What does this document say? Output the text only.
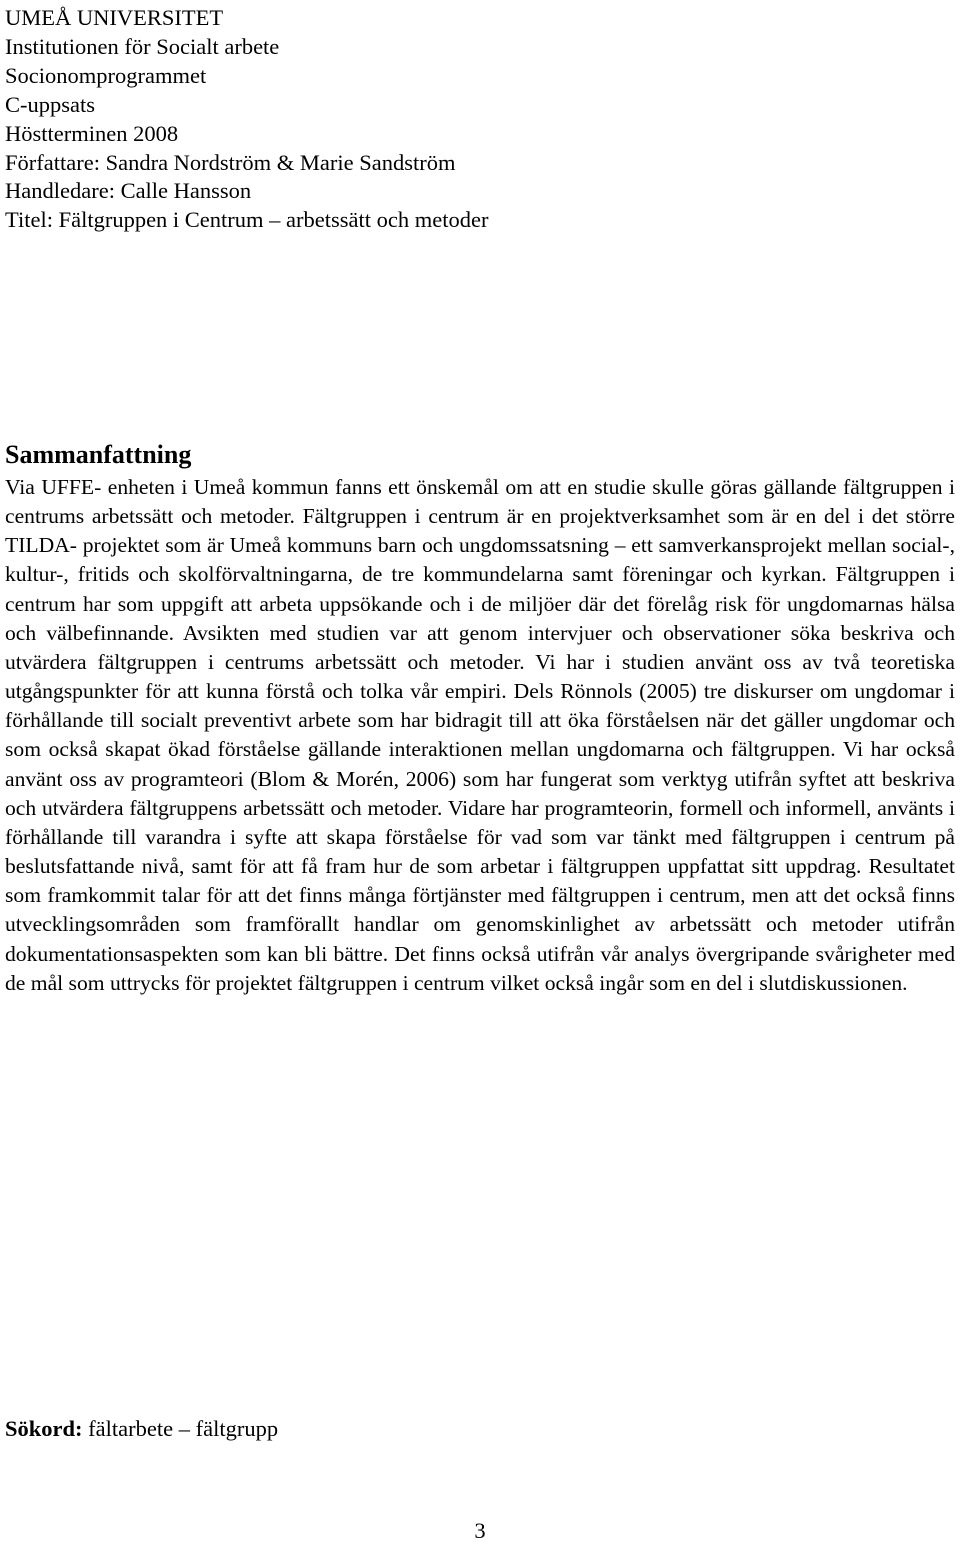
UMEÅ UNIVERSITET
Institutionen för Socialt arbete
Socionomprogrammet
C-uppsats
Höstterminen 2008
Författare: Sandra Nordström & Marie Sandström
Handledare: Calle Hansson
Titel: Fältgruppen i Centrum – arbetssätt och metoder
Sammanfattning

Via UFFE- enheten i Umeå kommun fanns ett önskemål om att en studie skulle göras gällande fältgruppen i centrums arbetssätt och metoder. Fältgruppen i centrum är en projektverksamhet som är en del i det större TILDA- projektet som är Umeå kommuns barn och ungdomssatsning – ett samverkansprojekt mellan social-, kultur-, fritids och skolförvaltningarna, de tre kommundelarna samt föreningar och kyrkan. Fältgruppen i centrum har som uppgift att arbeta uppsökande och i de miljöer där det förelåg risk för ungdomarnas hälsa och välbefinnande. Avsikten med studien var att genom intervjuer och observationer söka beskriva och utvärdera fältgruppen i centrums arbetssätt och metoder. Vi har i studien använt oss av två teoretiska utgångspunkter för att kunna förstå och tolka vår empiri. Dels Rönnols (2005) tre diskurser om ungdomar i förhållande till socialt preventivt arbete som har bidragit till att öka förståelsen när det gäller ungdomar och som också skapat ökad förståelse gällande interaktionen mellan ungdomarna och fältgruppen. Vi har också använt oss av programteori (Blom & Morén, 2006) som har fungerat som verktyg utifrån syftet att beskriva och utvärdera fältgruppens arbetssätt och metoder. Vidare har programteorin, formell och informell, använts i förhållande till varandra i syfte att skapa förståelse för vad som var tänkt med fältgruppen i centrum på beslutsfattande nivå, samt för att få fram hur de som arbetar i fältgruppen uppfattat sitt uppdrag. Resultatet som framkommit talar för att det finns många förtjänster med fältgruppen i centrum, men att det också finns utvecklingsområden som framförallt handlar om genomskinlighet av arbetssätt och metoder utifrån dokumentationsaspekten som kan bli bättre. Det finns också utifrån vår analys övergripande svårigheter med de mål som uttrycks för projektet fältgruppen i centrum vilket också ingår som en del i slutdiskussionen.

Sökord: fältarbete – fältgrupp
3
